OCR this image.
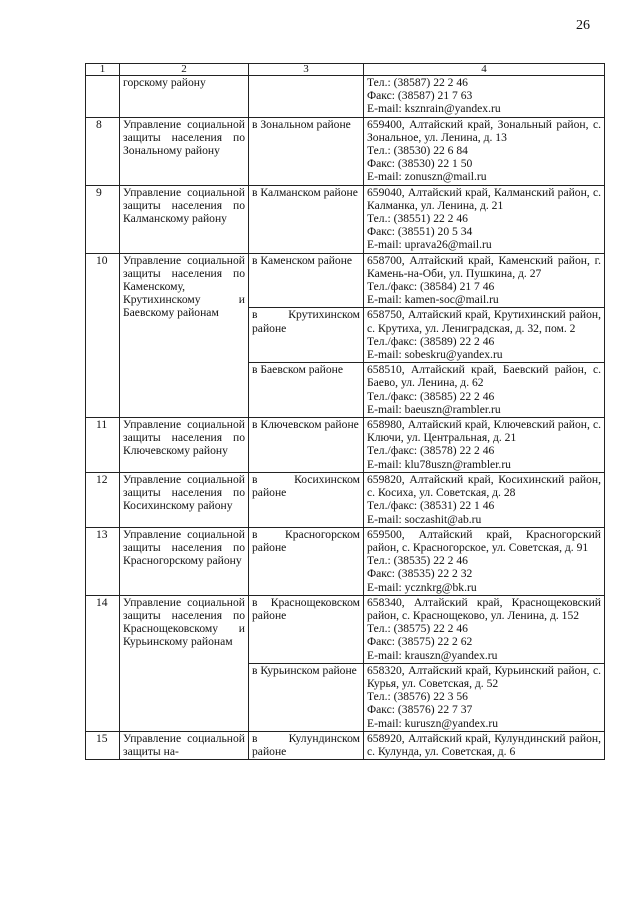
26
1	2	3	4
	горскому району		Тел.: (38587) 22 2 46
Факс: (38587) 21 7 63
E-mail: ksznrain@yandex.ru

8	Управление социальной защиты населения по Зональному району	в Зональном районе	659400, Алтайский край, Зональный район, с. Зональное, ул. Ленина, д. 13
Тел.: (38530) 22 6 84
Факс: (38530) 22 1 50
E-mail: zonuszn@mail.ru

9	Управление социальной защиты населения по Калманскому району	в Калманском районе	659040, Алтайский край, Калманский район, с. Калманка, ул. Ленина, д. 21
Тел.: (38551) 22 2 46
Факс: (38551) 20 5 34
E-mail: uprava26@mail.ru

10	Управление социальной защиты населения по Каменскому, Крутихинскому и Баевскому районам	в Каменском районе	658700, Алтайский край, Каменский район, г. Камень-на-Оби, ул. Пушкина, д. 27
Тел./факс: (38584) 21 7 46
E-mail: kamen-soc@mail.ru

		в Крутихинском районе	658750, Алтайский край, Крутихинский район, с. Крутиха, ул. Лениградская, д. 32, пом. 2
Тел./факс: (38589) 22 2 46
E-mail: sobeskru@yandex.ru

		в Баевском районе	658510, Алтайский край, Баевский район, с. Баево, ул. Ленина, д. 62
Тел./факс: (38585) 22 2 46
E-mail: baeuszn@rambler.ru

11	Управление социальной защиты населения по Ключевскому району	в Ключевском районе	658980, Алтайский край, Ключевский район, с. Ключи, ул. Центральная, д. 21
Тел./факс: (38578) 22 2 46
E-mail: klu78uszn@rambler.ru

12	Управление социальной защиты населения по Косихинскому району	в Косихинском районе	659820, Алтайский край, Косихинский район, с. Косиха, ул. Советская, д. 28
Тел./факс: (38531) 22 1 46
E-mail: soczashit@ab.ru

13	Управление социальной защиты населения по Красногорскому району	в Красногорском районе	659500, Алтайский край, Красногорский район, с. Красногорское, ул. Советская, д. 91
Тел.: (38535) 22 2 46
Факс: (38535) 22 2 32
E-mail: ycznkrg@bk.ru

14	Управление социальной защиты населения по Краснощековскому и Курьинскому районам	в Краснощековском районе	658340, Алтайский край, Краснощековский район, с. Краснощеково, ул. Ленина, д. 152
Тел.: (38575) 22 2 46
Факс: (38575) 22 2 62
E-mail: krauszn@yandex.ru

		в Курьинском районе	658320, Алтайский край, Курьинский район, с. Курья, ул. Советская, д. 52
Тел.: (38576) 22 3 56
Факс: (38576) 22 7 37
E-mail: kuruszn@yandex.ru

15	Управление социальной защиты на-	в Кулундинском районе	658920, Алтайский край, Кулундинский район, с. Кулунда, ул. Советская, д. 6
